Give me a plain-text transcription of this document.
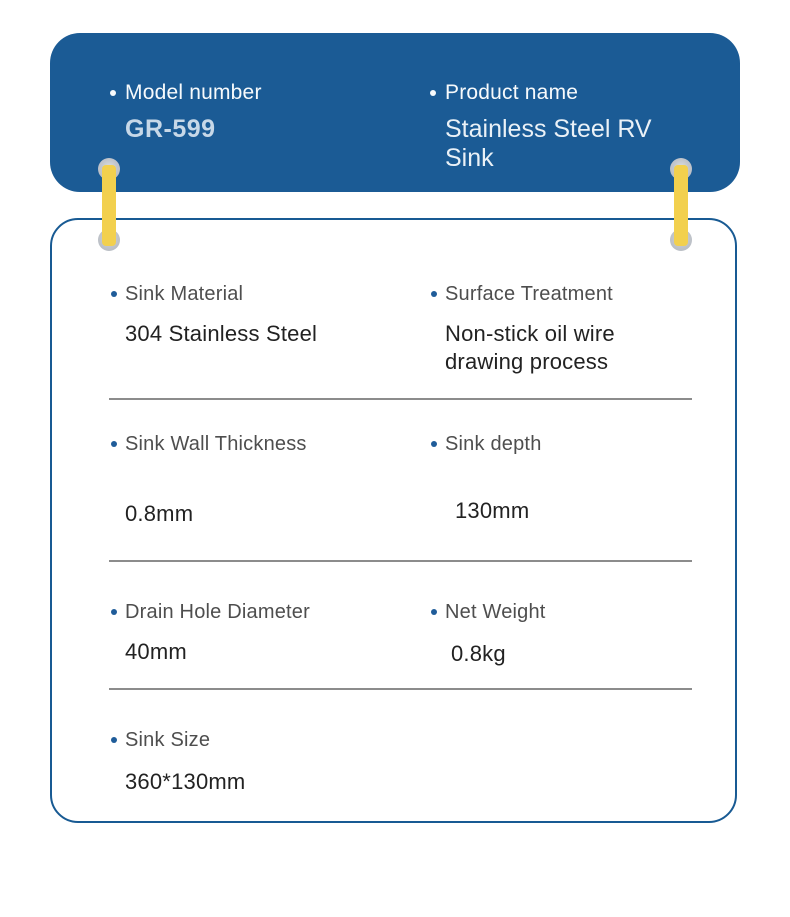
Model number
GR-599
Product name
Stainless Steel RV Sink
Sink Material
304 Stainless Steel
Surface Treatment
Non-stick oil wire drawing process
Sink Wall Thickness
0.8mm
Sink depth
130mm
Drain Hole Diameter
40mm
Net Weight
0.8kg
Sink Size
360*130mm
